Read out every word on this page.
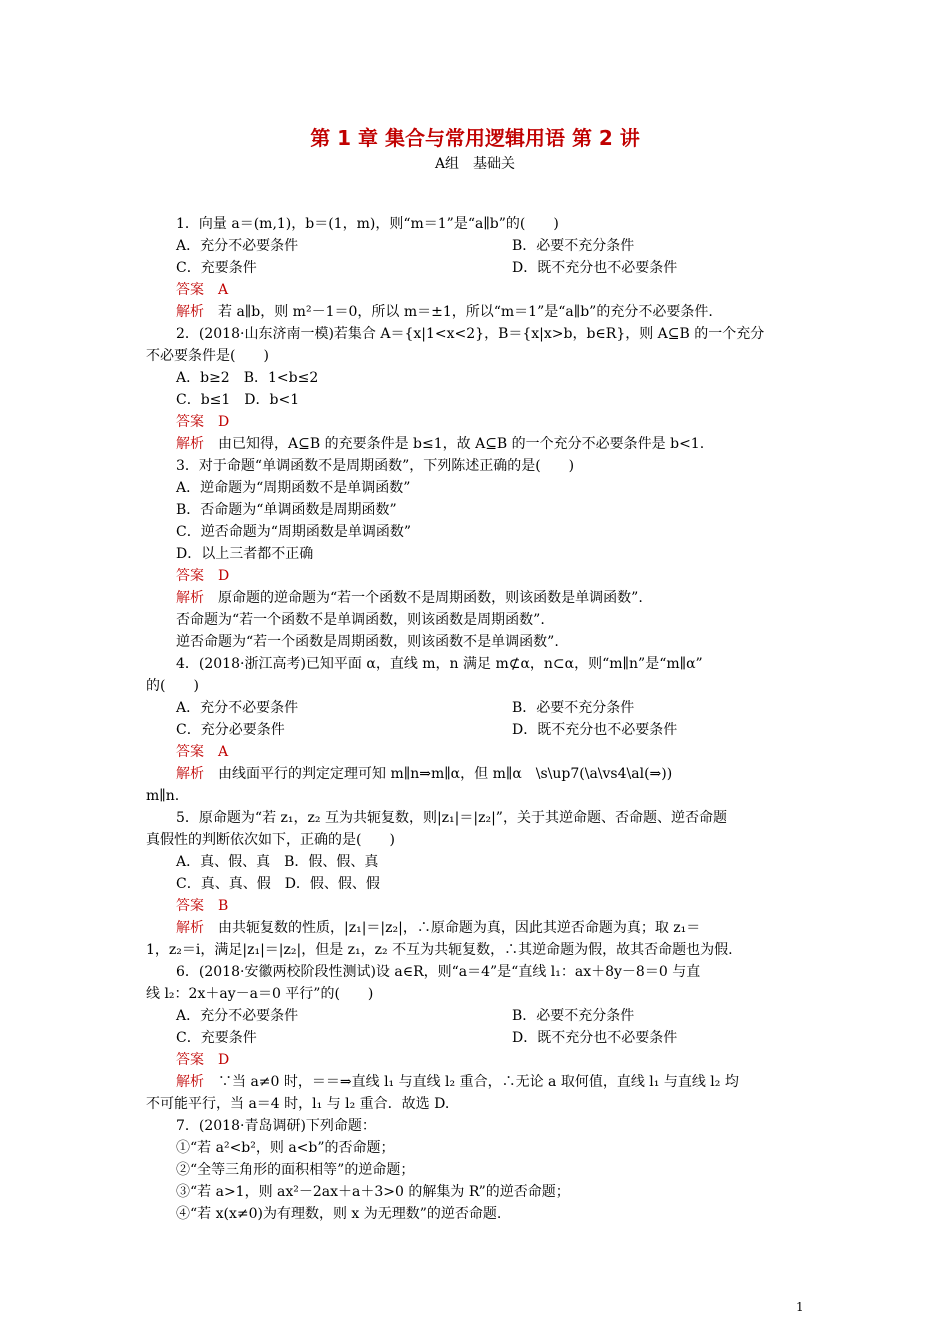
第 1 章 集合与常用逻辑用语 第 2 讲
A组　基础关
1．向量 a＝(m,1)，b＝(1，m)，则“m＝1”是“a∥b”的(　　)
A．充分不必要条件	B．必要不充分条件
C．充要条件	D．既不充分也不必要条件
答案　A
解析　若 a∥b，则 m²－1＝0，所以 m＝±1，所以“m＝1”是“a∥b”的充分不必要条件.
2．(2018·山东济南一模)若集合 A＝{x|1<x<2}，B＝{x|x>b，b∈R}，则 A⊆B 的一个充分
不必要条件是(　　)
A．b≥2　B．1<b≤2
C．b≤1　D．b<1
答案　D
解析　由已知得，A⊆B 的充要条件是 b≤1，故 A⊆B 的一个充分不必要条件是 b<1.
3．对于命题“单调函数不是周期函数”，下列陈述正确的是(　　)
A．逆命题为“周期函数不是单调函数”
B．否命题为“单调函数是周期函数”
C．逆否命题为“周期函数是单调函数”
D．以上三者都不正确
答案　D
解析　原命题的逆命题为“若一个函数不是周期函数，则该函数是单调函数”.
否命题为“若一个函数不是单调函数，则该函数是周期函数”.
逆否命题为“若一个函数是周期函数，则该函数不是单调函数”.
4．(2018·浙江高考)已知平面 α，直线 m，n 满足 m⊄α，n⊂α，则“m∥n”是“m∥α”
的(　　)
A．充分不必要条件	B．必要不充分条件
C．充分必要条件	D．既不充分也不必要条件
答案　A
解析　由线面平行的判定定理可知 m∥n⇒m∥α，但 m∥α　\s\up7(\a\vs4\al(⇒))
m∥n.
5．原命题为“若 z₁，z₂ 互为共轭复数，则|z₁|＝|z₂|”，关于其逆命题、否命题、逆否命题
真假性的判断依次如下，正确的是(　　)
A．真、假、真　B．假、假、真
C．真、真、假　D．假、假、假
答案　B
解析　由共轭复数的性质，|z₁|＝|z₂|，∴原命题为真，因此其逆否命题为真；取 z₁＝
1，z₂＝i，满足|z₁|＝|z₂|，但是 z₁，z₂ 不互为共轭复数，∴其逆命题为假，故其否命题也为假.
6．(2018·安徽两校阶段性测试)设 a∈R，则“a＝4”是“直线 l₁：ax＋8y－8＝0 与直
线 l₂：2x＋ay－a＝0 平行”的(　　)
A．充分不必要条件	B．必要不充分条件
C．充要条件	D．既不充分也不必要条件
答案　D
解析　∵当 a≠0 时，＝＝⇒直线 l₁ 与直线 l₂ 重合，∴无论 a 取何值，直线 l₁ 与直线 l₂ 均
不可能平行，当 a＝4 时，l₁ 与 l₂ 重合．故选 D.
7．(2018·青岛调研)下列命题：
①“若 a²<b²，则 a<b”的否命题；
②“全等三角形的面积相等”的逆命题；
③“若 a>1，则 ax²－2ax＋a＋3>0 的解集为 R”的逆否命题；
④“若 x(x≠0)为有理数，则 x 为无理数”的逆否命题.
1
